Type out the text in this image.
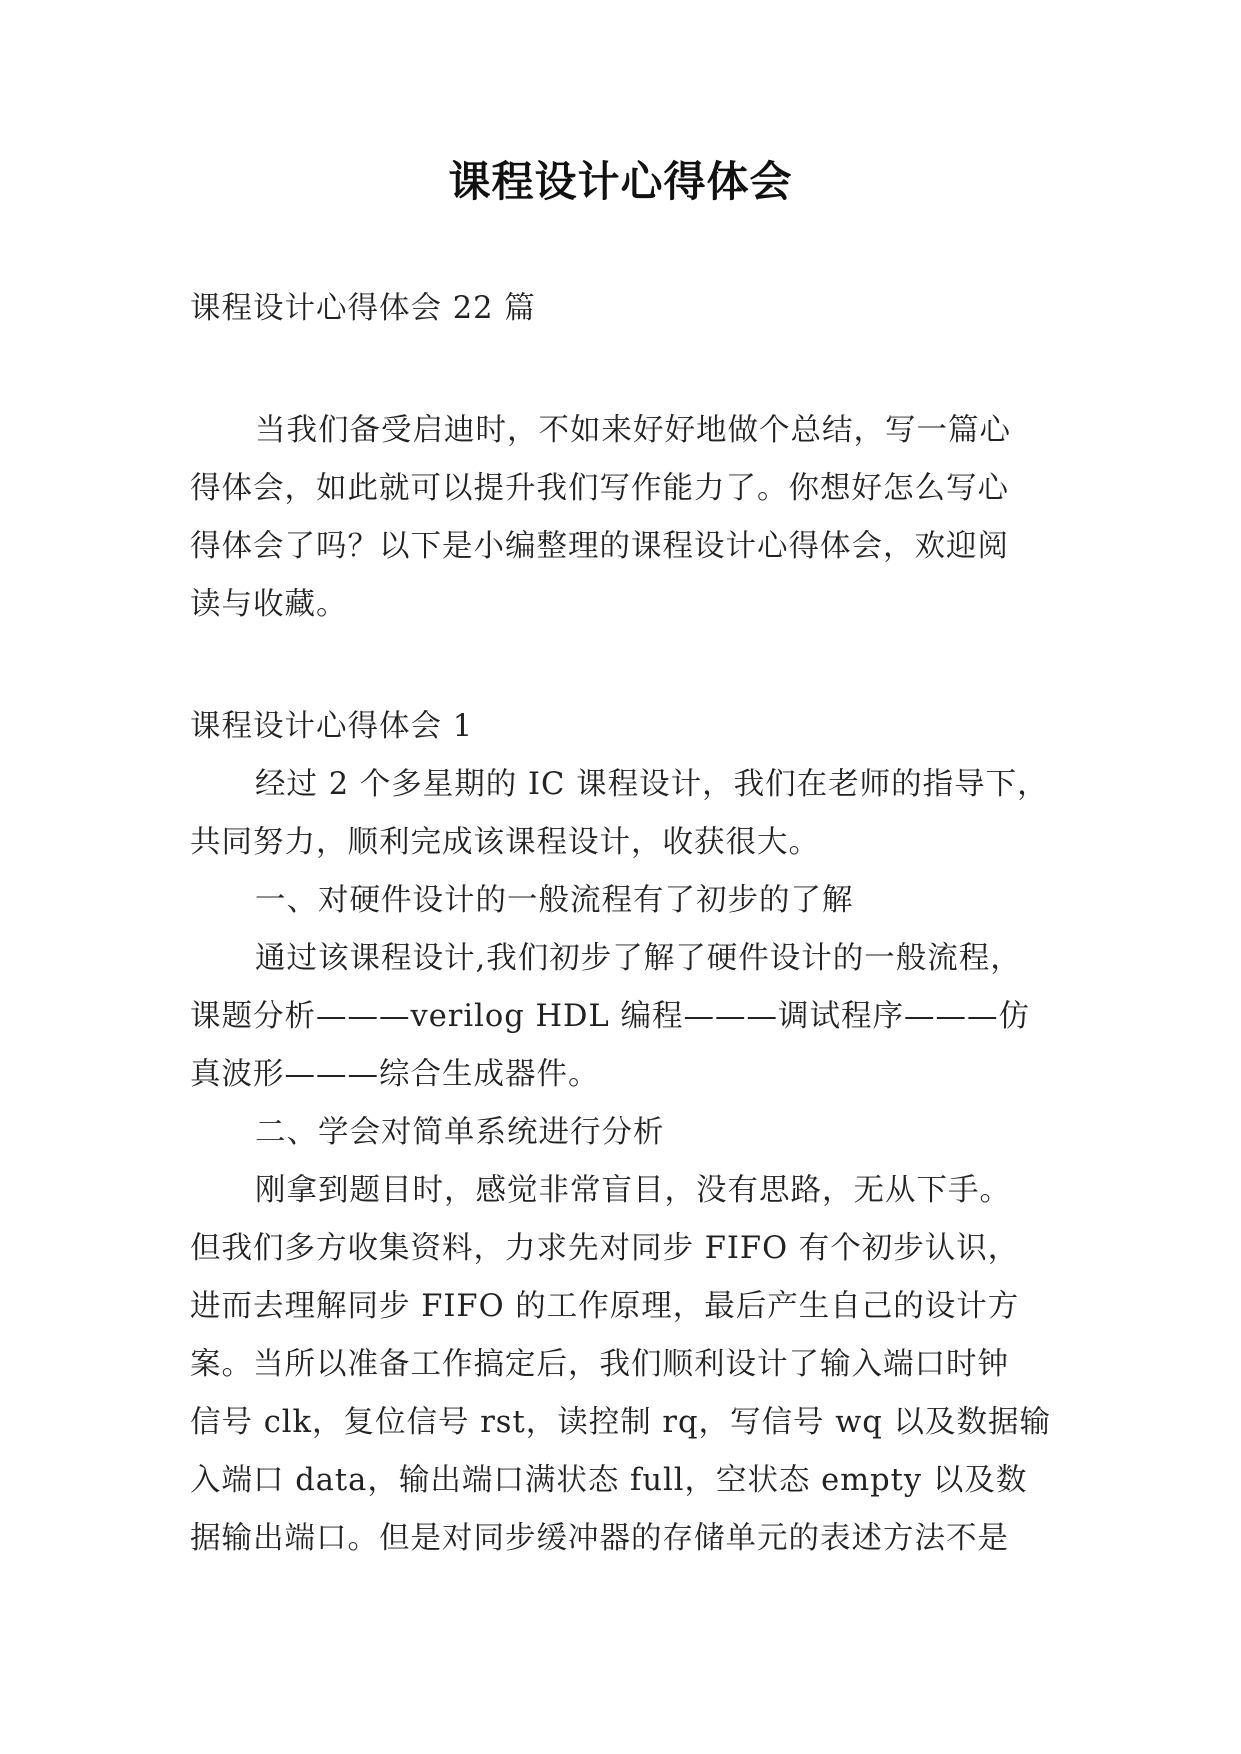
课程设计心得体会
课程设计心得体会 22 篇
当我们备受启迪时，不如来好好地做个总结，写一篇心
得体会，如此就可以提升我们写作能力了。你想好怎么写心
得体会了吗？以下是小编整理的课程设计心得体会，欢迎阅
读与收藏。
课程设计心得体会 1
经过 2 个多星期的 IC 课程设计，我们在老师的指导下，
共同努力，顺利完成该课程设计，收获很大。
一、对硬件设计的一般流程有了初步的了解
通过该课程设计,我们初步了解了硬件设计的一般流程，
课题分析———verilog HDL 编程———调试程序———仿
真波形———综合生成器件。
二、学会对简单系统进行分析
刚拿到题目时，感觉非常盲目，没有思路，无从下手。
但我们多方收集资料，力求先对同步 FIFO 有个初步认识，
进而去理解同步 FIFO 的工作原理，最后产生自己的设计方
案。当所以准备工作搞定后，我们顺利设计了输入端口时钟
信号 clk，复位信号 rst，读控制 rq，写信号 wq 以及数据输
入端口 data，输出端口满状态 full，空状态 empty 以及数
据输出端口。但是对同步缓冲器的存储单元的表述方法不是
